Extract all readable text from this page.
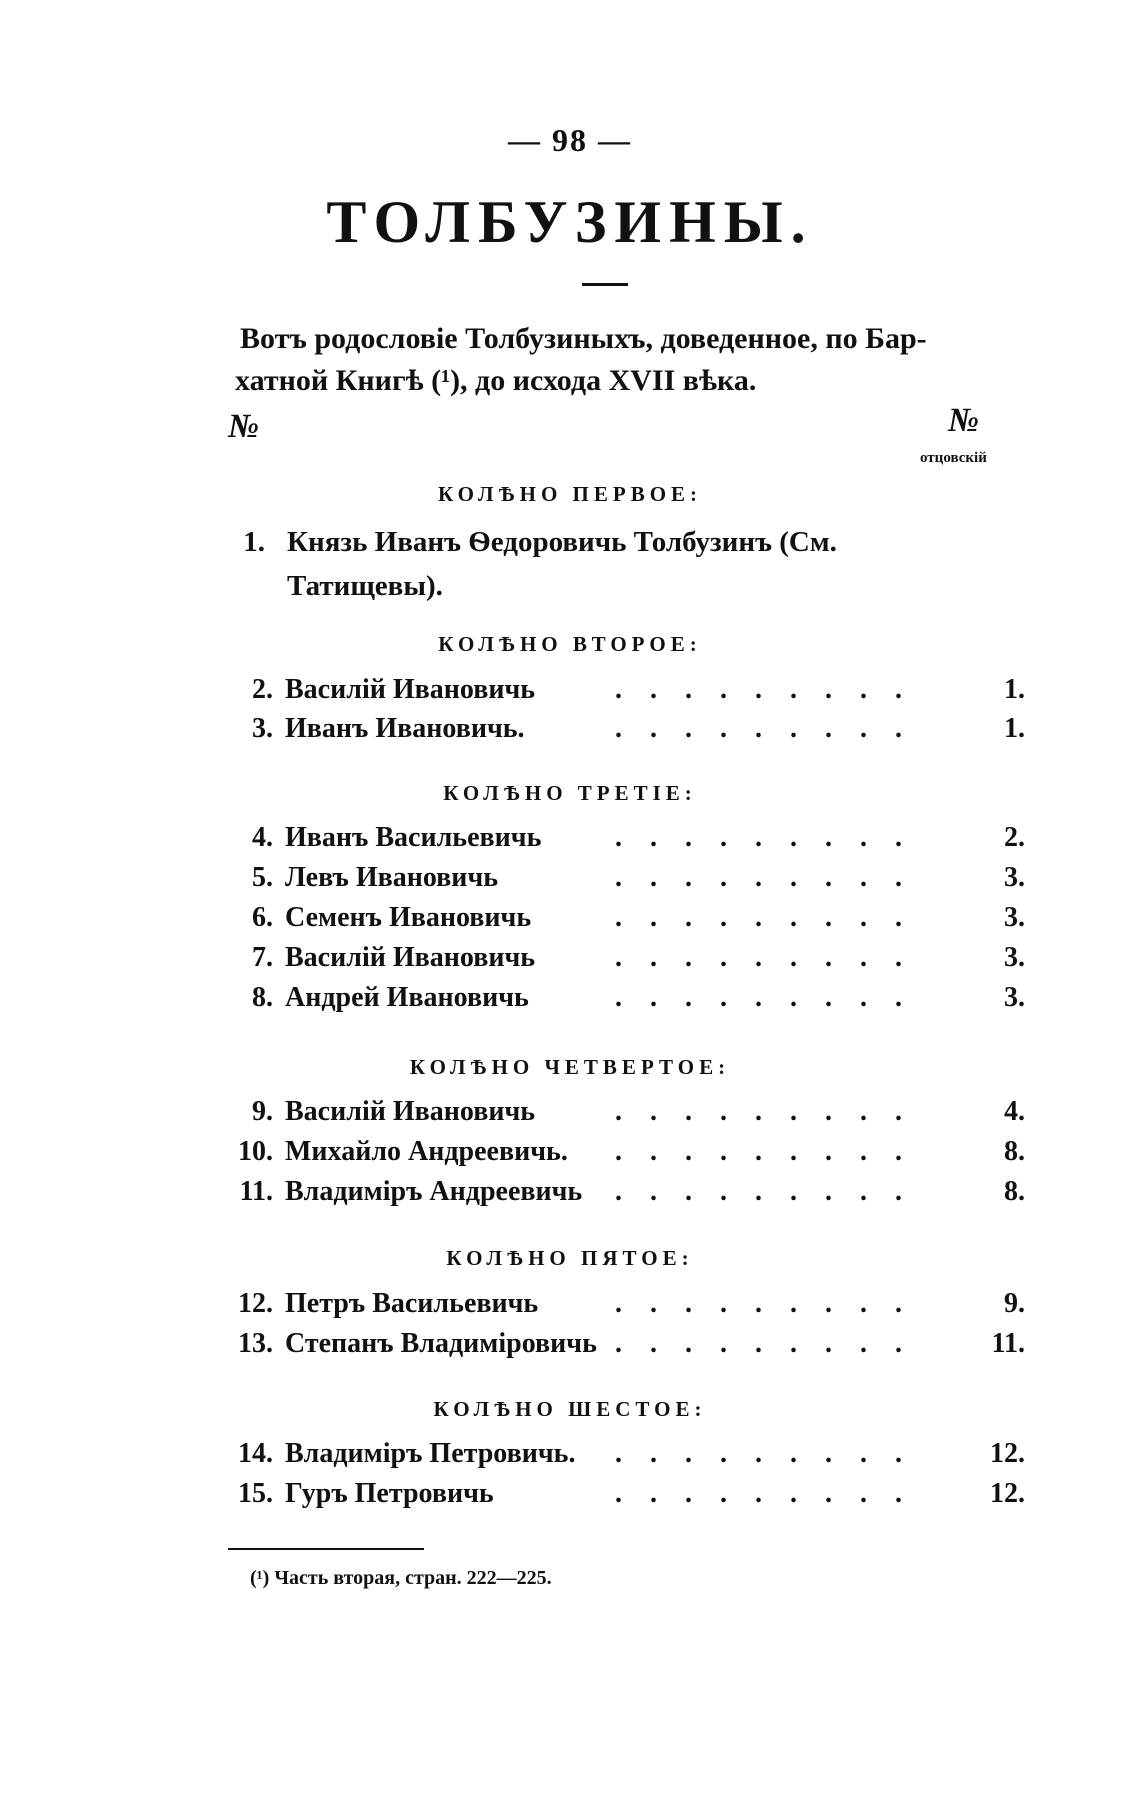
— 98 —
ТОЛБУЗИНЫ.

Вотъ родословіе Толбузиныхъ, доведенное, по Бар-

хатной Книгѣ (¹), до исхода XVII вѣка.

№	№
отцовскій
КОЛѢНО ПЕРВОЕ:
1. Князь Иванъ Ѳедоровичь Толбузинъ (См. Татищевы).
КОЛѢНО ВТОРОЕ:
2. Василій Ивановичь	.........	1.
3. Иванъ Ивановичь.	.........	1.
КОЛѢНО ТРЕТІЕ:
4. Иванъ Васильевичь	.........	2.
5. Левъ Ивановичь	.........	3.
6. Семенъ Ивановичь	.........	3.
7. Василій Ивановичь	.........	3.
8. Андрей Ивановичь	.........	3.
КОЛѢНО ЧЕТВЕРТОЕ:
9. Василій Ивановичь	.........	4.
10. Михайло Андреевичь. .........	8.
11. Владиміръ Андреевичь .........	8.
КОЛѢНО ПЯТОЕ:
12. Петръ Васильевичь	.........	9.
13. Степанъ Владиміровичь .........	11.
КОЛѢНО ШЕСТОЕ:
14. Владиміръ Петровичь. .........	12.
15. Гуръ Петровичь	.........	12.
(¹) Часть вторая, стран. 222—225.
